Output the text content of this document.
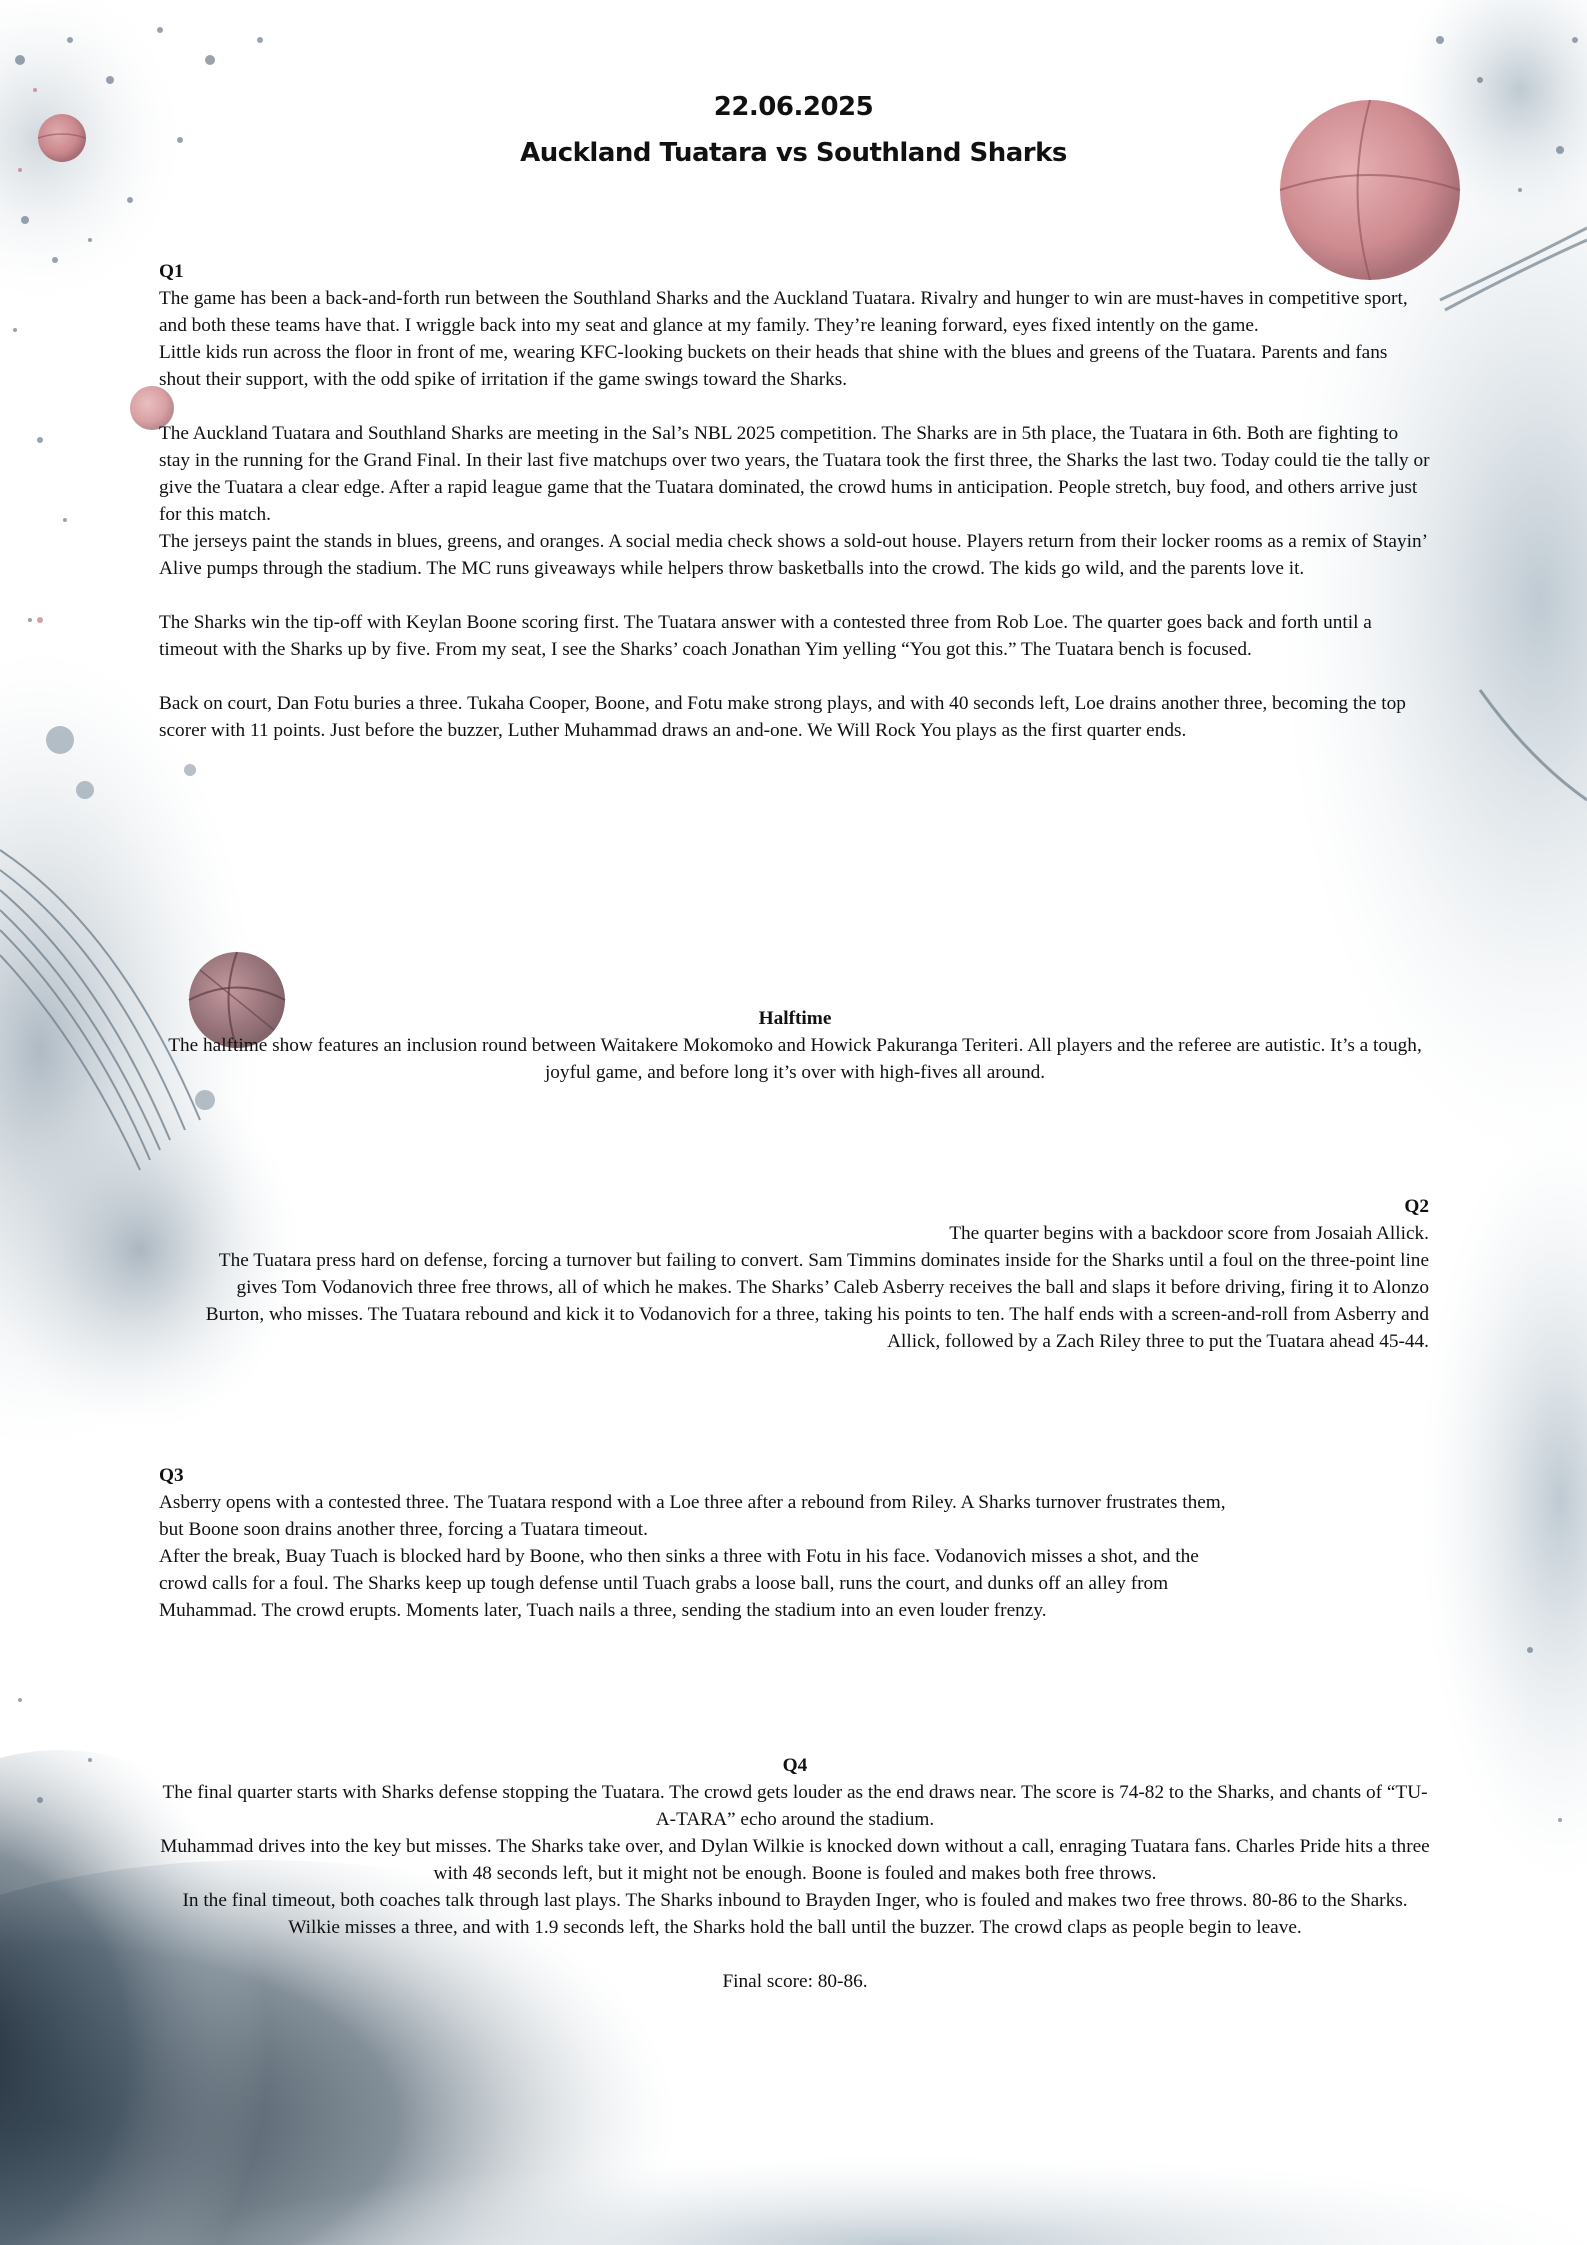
22.06.2025
Auckland Tuatara vs Southland Sharks

Q1

The game has been a back-and-forth run between the Southland Sharks and the Auckland Tuatara. Rivalry and hunger to win are must-haves in competitive sport, and both these teams have that. I wriggle back into my seat and glance at my family. They’re leaning forward, eyes fixed intently on the game.

Little kids run across the floor in front of me, wearing KFC-looking buckets on their heads that shine with the blues and greens of the Tuatara. Parents and fans shout their support, with the odd spike of irritation if the game swings toward the Sharks.

The Auckland Tuatara and Southland Sharks are meeting in the Sal’s NBL 2025 competition. The Sharks are in 5th place, the Tuatara in 6th. Both are fighting to stay in the running for the Grand Final. In their last five matchups over two years, the Tuatara took the first three, the Sharks the last two. Today could tie the tally or give the Tuatara a clear edge. After a rapid league game that the Tuatara dominated, the crowd hums in anticipation. People stretch, buy food, and others arrive just for this match.

The jerseys paint the stands in blues, greens, and oranges. A social media check shows a sold-out house. Players return from their locker rooms as a remix of Stayin’ Alive pumps through the stadium. The MC runs giveaways while helpers throw basketballs into the crowd. The kids go wild, and the parents love it.

The Sharks win the tip-off with Keylan Boone scoring first. The Tuatara answer with a contested three from Rob Loe. The quarter goes back and forth until a timeout with the Sharks up by five. From my seat, I see the Sharks’ coach Jonathan Yim yelling “You got this.” The Tuatara bench is focused.

Back on court, Dan Fotu buries a three. Tukaha Cooper, Boone, and Fotu make strong plays, and with 40 seconds left, Loe drains another three, becoming the top scorer with 11 points. Just before the buzzer, Luther Muhammad draws an and-one. We Will Rock You plays as the first quarter ends.

Halftime

The halftime show features an inclusion round between Waitakere Mokomoko and Howick Pakuranga Teriteri. All players and the referee are autistic. It’s a tough, joyful game, and before long it’s over with high-fives all around.

Q2

The quarter begins with a backdoor score from Josaiah Allick.

The Tuatara press hard on defense, forcing a turnover but failing to convert. Sam Timmins dominates inside for the Sharks until a foul on the three-point line gives Tom Vodanovich three free throws, all of which he makes. The Sharks’ Caleb Asberry receives the ball and slaps it before driving, firing it to Alonzo Burton, who misses. The Tuatara rebound and kick it to Vodanovich for a three, taking his points to ten. The half ends with a screen-and-roll from Asberry and Allick, followed by a Zach Riley three to put the Tuatara ahead 45-44.

Q3

Asberry opens with a contested three. The Tuatara respond with a Loe three after a rebound from Riley. A Sharks turnover frustrates them, but Boone soon drains another three, forcing a Tuatara timeout.

After the break, Buay Tuach is blocked hard by Boone, who then sinks a three with Fotu in his face. Vodanovich misses a shot, and the crowd calls for a foul. The Sharks keep up tough defense until Tuach grabs a loose ball, runs the court, and dunks off an alley from Muhammad. The crowd erupts. Moments later, Tuach nails a three, sending the stadium into an even louder frenzy.

Q4

The final quarter starts with Sharks defense stopping the Tuatara. The crowd gets louder as the end draws near. The score is 74-82 to the Sharks, and chants of “TU-A-TARA” echo around the stadium.

Muhammad drives into the key but misses. The Sharks take over, and Dylan Wilkie is knocked down without a call, enraging Tuatara fans. Charles Pride hits a three with 48 seconds left, but it might not be enough. Boone is fouled and makes both free throws.

In the final timeout, both coaches talk through last plays. The Sharks inbound to Brayden Inger, who is fouled and makes two free throws. 80-86 to the Sharks. Wilkie misses a three, and with 1.9 seconds left, the Sharks hold the ball until the buzzer. The crowd claps as people begin to leave.

Final score: 80-86.
